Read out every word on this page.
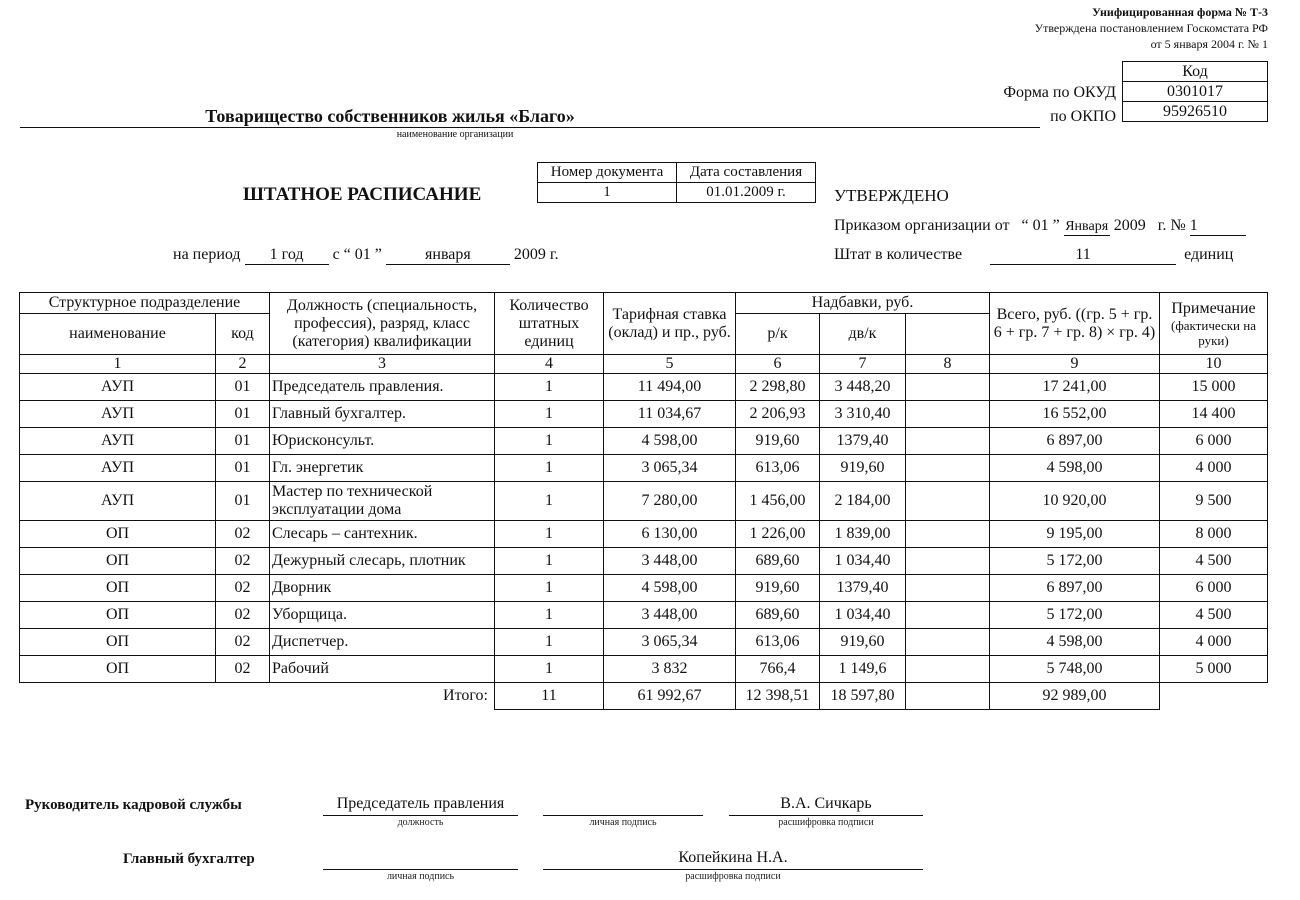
Унифицированная форма № Т-3
Утверждена постановлением Госкомстата РФ
от 5 января 2004 г. № 1
Код
0301017
95926510
Форма по ОКУД
по ОКПО
Товарищество собственников жилья «Благо»
наименование организации
ШТАТНОЕ РАСПИСАНИЕ
Номер документа	Дата составления
1	01.01.2009 г.	УТВЕРЖДЕНО
Приказом организации от “ 01 ” Января 2009 г. № 1
Штат в количестве	11	единиц
на период 1 год с “ 01 ”	января	2009 г.
Структурное подразделение		Должность (специальность, профессия), разряд, класс (категория) квалификации	Количество штатных единиц	Тарифная ставка (оклад) и пр., руб.	Надбавки, руб.			Всего, руб. ((гр. 5 + гр. 6 + гр. 7 + гр. 8) × гр. 4)	Примечание
(фактически на руки)

наименование	код				р/к	дв/к			
1	2	3	4	5	6	7	8	9	10
АУП	01	Председатель правления.	1	11 494,00	2 298,80	3 448,20		17 241,00	15 000
АУП	01	Главный бухгалтер.	1	11 034,67	2 206,93	3 310,40		16 552,00	14 400
АУП	01	Юрисконсульт.	1	4 598,00	919,60	1379,40		6 897,00	6 000
АУП	01	Гл. энергетик	1	3 065,34	613,06	919,60		4 598,00	4 000
АУП	01	Мастер по технической эксплуатации дома	1	7 280,00	1 456,00	2 184,00		10 920,00	9 500
ОП	02	Слесарь – сантехник.	1	6 130,00	1 226,00	1 839,00		9 195,00	8 000
ОП	02	Дежурный слесарь, плотник	1	3 448,00	689,60	1 034,40		5 172,00	4 500
ОП	02	Дворник	1	4 598,00	919,60	1379,40		6 897,00	6 000
ОП	02	Уборщица.	1	3 448,00	689,60	1 034,40		5 172,00	4 500
ОП	02	Диспетчер.	1	3 065,34	613,06	919,60		4 598,00	4 000
ОП	02	Рабочий	1	3 832	766,4	1 149,6		5 748,00	5 000
Итого:			11	61 992,67	12 398,51	18 597,80		92 989,00	
Руководитель кадровой службы	Председатель правления
должность	личная подпись
В.А. Сичкарь
расшифровка подписи
Главный бухгалтер
личная подпись
Копейкина Н.А.
расшифровка подписи
